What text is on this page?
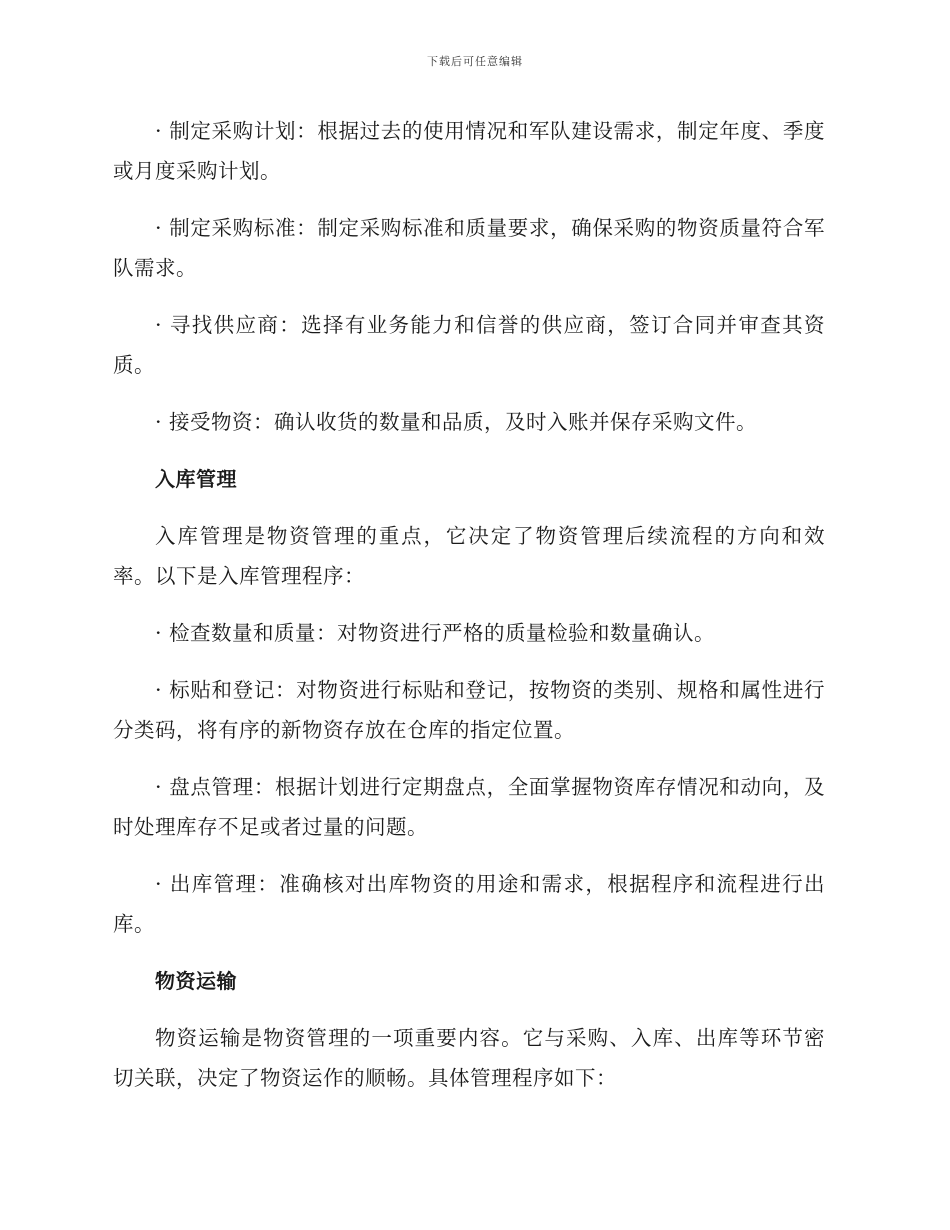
下载后可任意编辑

· 制定采购计划：根据过去的使用情况和军队建设需求，制定年度、季度或月度采购计划。

· 制定采购标准：制定采购标准和质量要求，确保采购的物资质量符合军队需求。

· 寻找供应商：选择有业务能力和信誉的供应商，签订合同并审查其资质。

· 接受物资：确认收货的数量和品质，及时入账并保存采购文件。

入库管理

入库管理是物资管理的重点，它决定了物资管理后续流程的方向和效率。以下是入库管理程序：

· 检查数量和质量：对物资进行严格的质量检验和数量确认。

· 标贴和登记：对物资进行标贴和登记，按物资的类别、规格和属性进行分类码，将有序的新物资存放在仓库的指定位置。

· 盘点管理：根据计划进行定期盘点，全面掌握物资库存情况和动向，及时处理库存不足或者过量的问题。

· 出库管理：准确核对出库物资的用途和需求，根据程序和流程进行出库。

物资运输

物资运输是物资管理的一项重要内容。它与采购、入库、出库等环节密切关联，决定了物资运作的顺畅。具体管理程序如下：
